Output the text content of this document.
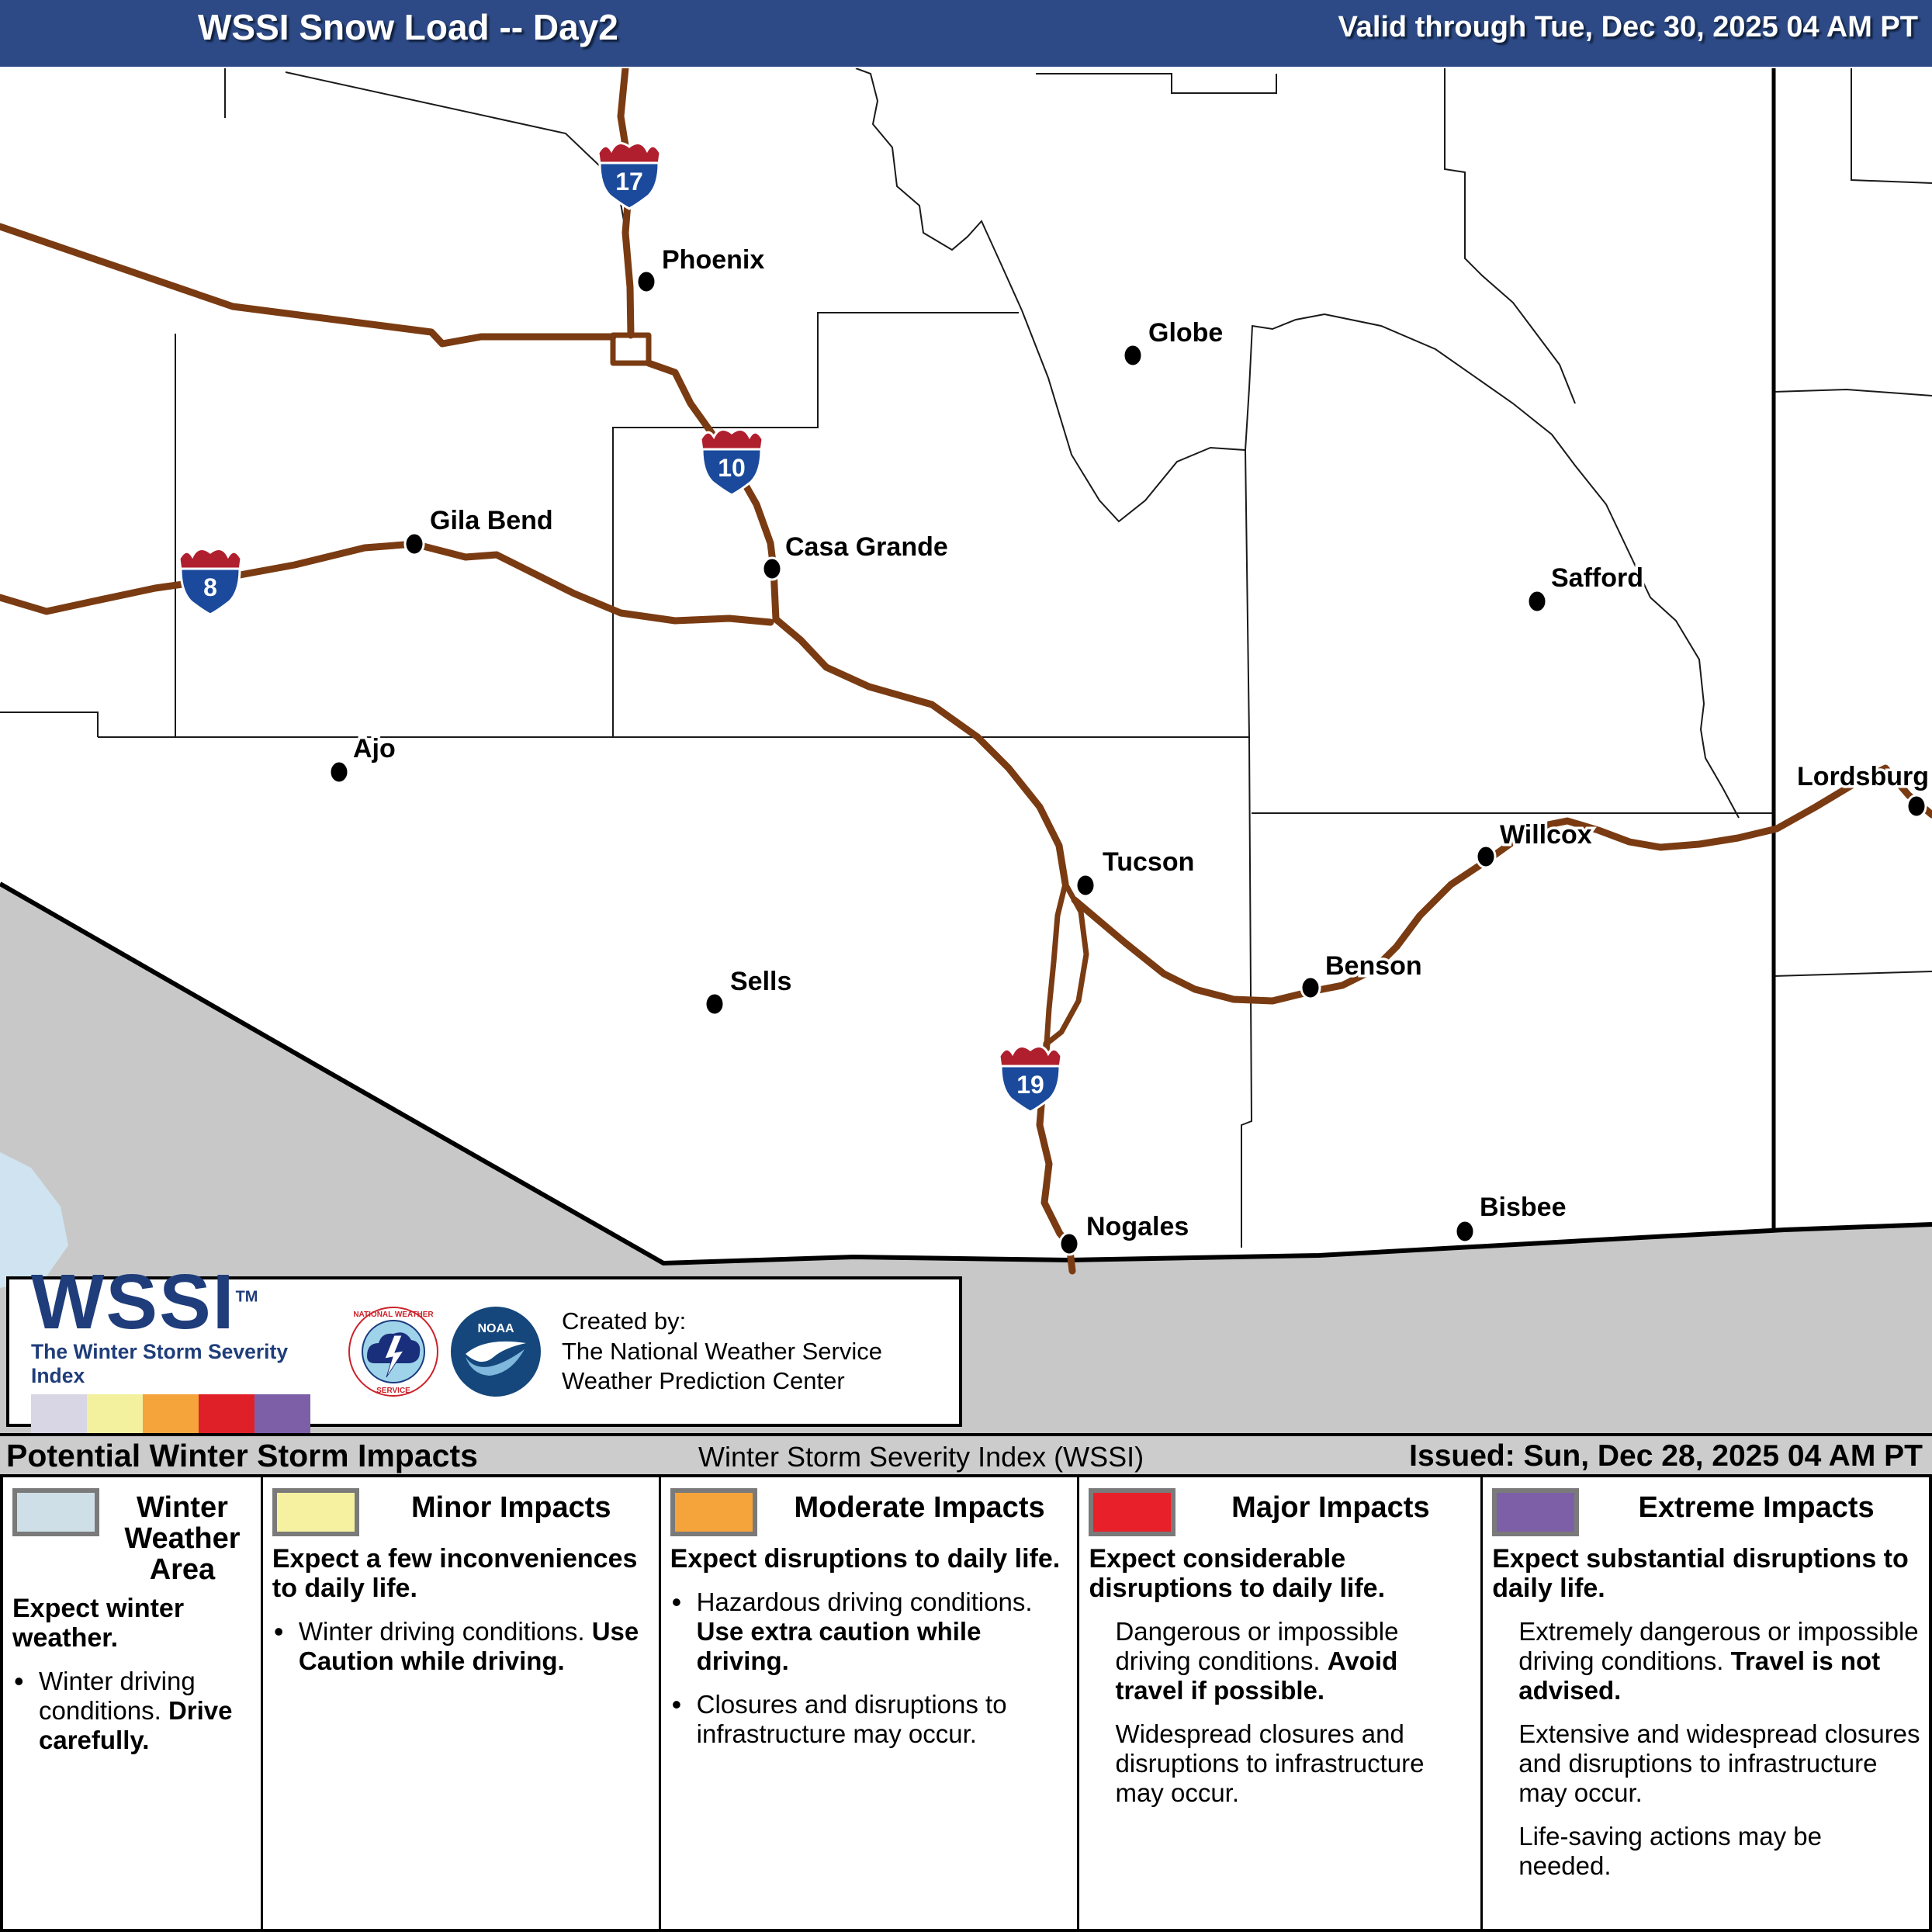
WSSI Snow Load -- Day2	Valid through Tue, Dec 30, 2025 04 AM PT
Phoenix
Globe
Gila Bend
Casa Grande
Safford
Ajo
Tucson
Willcox
Lordsburg
Sells
Benson
Nogales
Bisbee
17
10
8
19
WSSI™
The Winter Storm Severity Index
NATIONAL WEATHER
SERVICE
NOAA Created by:
The National Weather Service
Weather Prediction Center
Potential Winter Storm Impacts	Winter Storm Severity Index (WSSI)	Issued: Sun, Dec 28, 2025 04 AM PT
Winter Weather Area
Expect winter weather.
• Winter driving conditions. Drive carefully.
Minor Impacts
Expect a few inconveniences to daily life.
• Winter driving conditions. Use Caution while driving.
Moderate Impacts
Expect disruptions to daily life.
• Hazardous driving conditions. Use extra caution while driving.
• Closures and disruptions to infrastructure may occur.
Major Impacts
Expect considerable disruptions to daily life.
Dangerous or impossible driving conditions. Avoid travel if possible.
Widespread closures and disruptions to infrastructure may occur.
Extreme Impacts
Expect substantial disruptions to daily life.
Extremely dangerous or impossible driving conditions. Travel is not advised.
Extensive and widespread closures and disruptions to infrastructure may occur.
Life-saving actions may be needed.
